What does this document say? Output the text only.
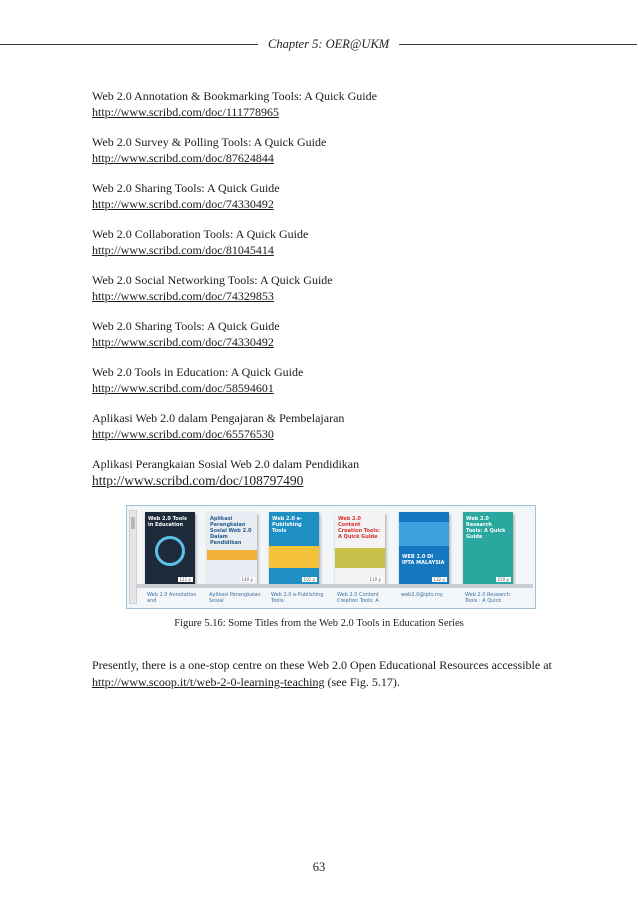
Chapter 5: OER@UKM
Web 2.0 Annotation & Bookmarking Tools: A Quick Guide
http://www.scribd.com/doc/111778965
Web 2.0 Survey & Polling Tools: A Quick Guide
http://www.scribd.com/doc/87624844
Web 2.0 Sharing Tools: A Quick Guide
http://www.scribd.com/doc/74330492
Web 2.0 Collaboration Tools: A Quick Guide
http://www.scribd.com/doc/81045414
Web 2.0 Social Networking Tools: A Quick Guide
http://www.scribd.com/doc/74329853
Web 2.0 Sharing Tools: A Quick Guide
http://www.scribd.com/doc/74330492
Web 2.0 Tools in Education: A Quick Guide
http://www.scribd.com/doc/58594601
Aplikasi Web 2.0 dalam Pengajaran & Pembelajaran
http://www.scribd.com/doc/65576530
Aplikasi Perangkaian Sosial Web 2.0 dalam Pendidikan
http://www.scribd.com/doc/108797490
Web 2.0 Tools in Education
111 p
Aplikasi Perangkaian Sosial Web 2.0 Dalam Pendidikan
140 p
Web 2.0 e-Publishing Tools
102 p
Web 2.0 Content Creation Tools: A Quick Guide
110 p
WEB 2.0 DI IPTA MALAYSIA
132 p
Web 2.0 Research Tools: A Quick Guide
220 p
Web 2.0 Annotation and
Aplikasi Perangkaian Sosial
Web 2.0 e-Publishing Tools:
Web 2.0 Content Creation Tools: A
web2.0@ipts.my	Web 2.0 Research Tools : A Quick
Figure 5.16: Some Titles from the Web 2.0 Tools in Education Series

Presently, there is a one-stop centre on these Web 2.0 Open Educational Resources accessible at http://www.scoop.it/t/web-2-0-learning-teaching (see Fig. 5.17).

63
